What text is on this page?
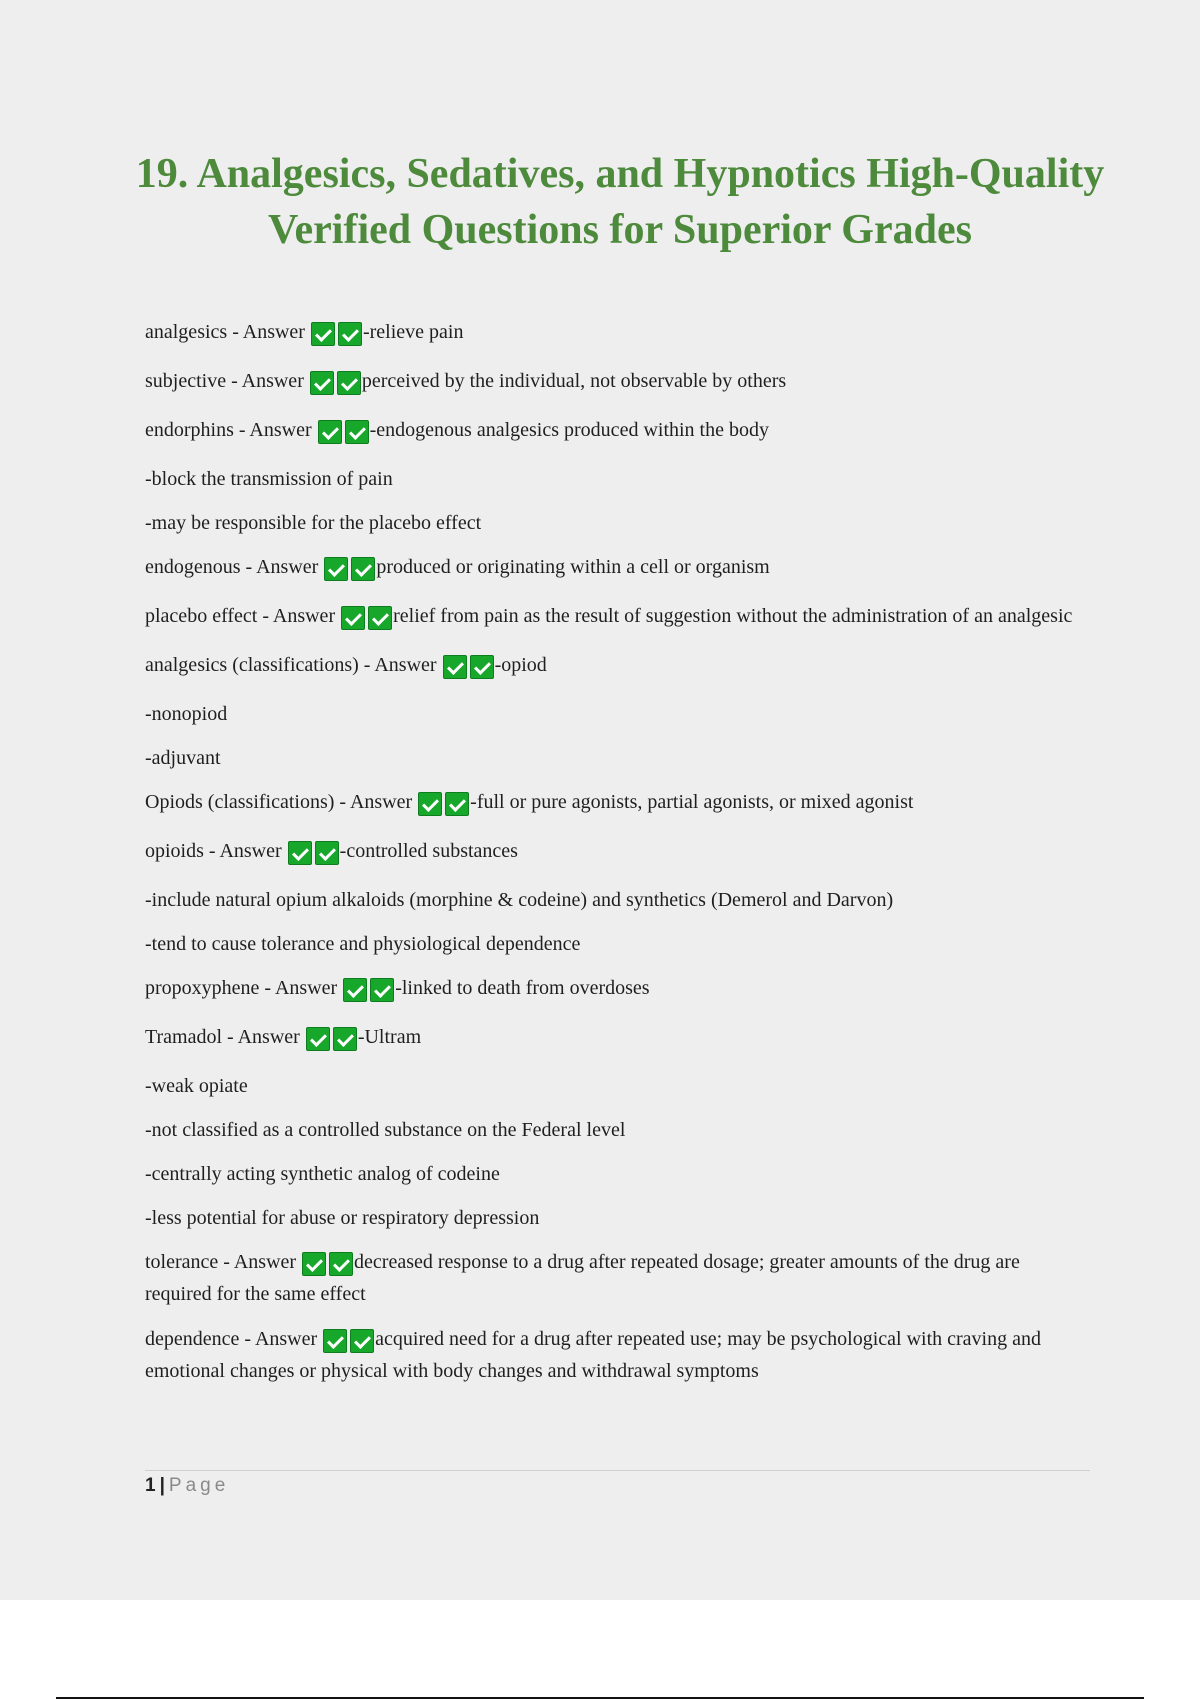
19. Analgesics, Sedatives, and Hypnotics High-Quality Verified Questions for Superior Grades

analgesics - Answer	-relieve pain

subjective - Answer	perceived by the individual, not observable by others

endorphins - Answer	-endogenous analgesics produced within the body

-block the transmission of pain

-may be responsible for the placebo effect

endogenous - Answer	produced or originating within a cell or organism

placebo effect - Answer	relief from pain as the result of suggestion without the administration of an analgesic

analgesics (classifications) - Answer	-opiod

-nonopiod

-adjuvant

Opiods (classifications) - Answer	-full or pure agonists, partial agonists, or mixed agonist

opioids - Answer	-controlled substances

-include natural opium alkaloids (morphine & codeine) and synthetics (Demerol and Darvon)

-tend to cause tolerance and physiological dependence

propoxyphene - Answer	-linked to death from overdoses

Tramadol - Answer	-Ultram

-weak opiate

-not classified as a controlled substance on the Federal level

-centrally acting synthetic analog of codeine

-less potential for abuse or respiratory depression

tolerance - Answer	decreased response to a drug after repeated dosage; greater amounts of the drug are required for the same effect

dependence - Answer	acquired need for a drug after repeated use; may be psychological with craving and emotional changes or physical with body changes and withdrawal symptoms

1 | Page
